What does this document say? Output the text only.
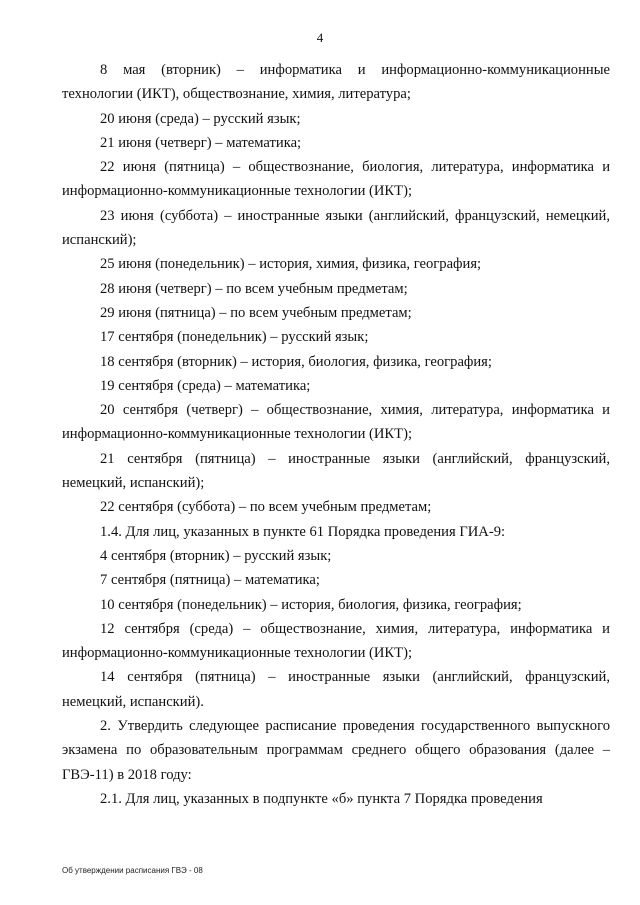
4

8 мая (вторник) – информатика и информационно-коммуникационные технологии (ИКТ), обществознание, химия, литература;

20 июня (среда) – русский язык;

21 июня (четверг) – математика;

22 июня (пятница) – обществознание, биология, литература, информатика и информационно-коммуникационные технологии (ИКТ);

23 июня (суббота) – иностранные языки (английский, французский, немецкий, испанский);

25 июня (понедельник) – история, химия, физика, география;

28 июня (четверг) – по всем учебным предметам;

29 июня (пятница) – по всем учебным предметам;

17 сентября (понедельник) – русский язык;

18 сентября (вторник) – история, биология, физика, география;

19 сентября (среда) – математика;

20 сентября (четверг) – обществознание, химия, литература, информатика и информационно-коммуникационные технологии (ИКТ);

21 сентября (пятница) – иностранные языки (английский, французский, немецкий, испанский);

22 сентября (суббота) – по всем учебным предметам;

1.4. Для лиц, указанных в пункте 61 Порядка проведения ГИА-9:

4 сентября (вторник) – русский язык;

7 сентября (пятница) – математика;

10 сентября (понедельник) – история, биология, физика, география;

12 сентября (среда) – обществознание, химия, литература, информатика и информационно-коммуникационные технологии (ИКТ);

14 сентября (пятница) – иностранные языки (английский, французский, немецкий, испанский).

2. Утвердить следующее расписание проведения государственного выпускного экзамена по образовательным программам среднего общего образования (далее – ГВЭ-11) в 2018 году:

2.1. Для лиц, указанных в подпункте «б» пункта 7 Порядка проведения

Об утверждении расписания ГВЭ - 08
